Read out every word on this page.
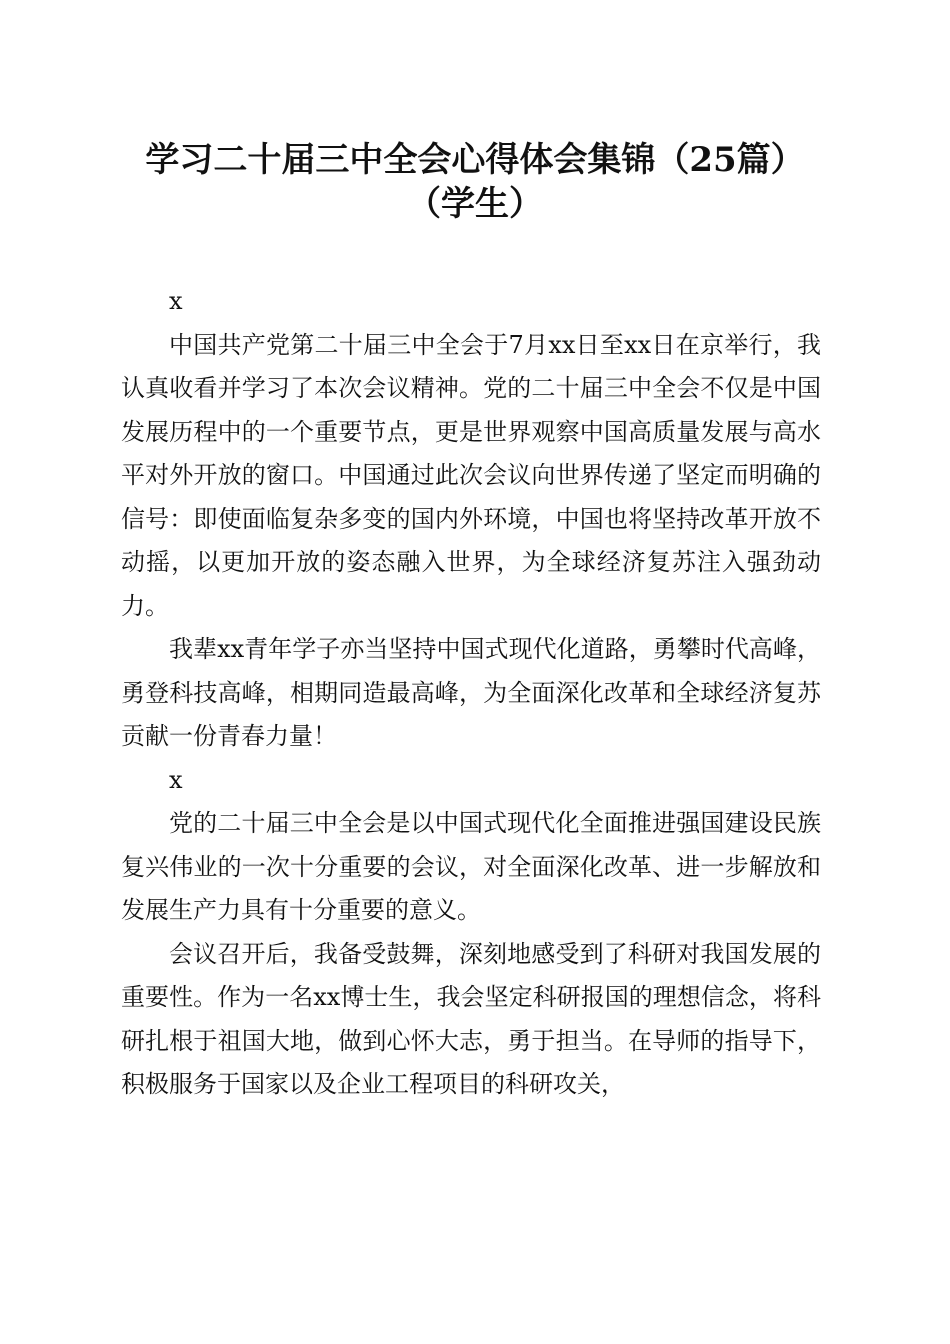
学习二十届三中全会心得体会集锦（25篇）
（学生）

x

中国共产党第二十届三中全会于7月xx日至xx日在京举行，我认真收看并学习了本次会议精神。党的二十届三中全会不仅是中国发展历程中的一个重要节点，更是世界观察中国高质量发展与高水平对外开放的窗口。中国通过此次会议向世界传递了坚定而明确的信号：即使面临复杂多变的国内外环境，中国也将坚持改革开放不动摇，以更加开放的姿态融入世界，为全球经济复苏注入强劲动力。

我辈xx青年学子亦当坚持中国式现代化道路，勇攀时代高峰，勇登科技高峰，相期同造最高峰，为全面深化改革和全球经济复苏贡献一份青春力量！

x

党的二十届三中全会是以中国式现代化全面推进强国建设民族复兴伟业的一次十分重要的会议，对全面深化改革、进一步解放和发展生产力具有十分重要的意义。

会议召开后，我备受鼓舞，深刻地感受到了科研对我国发展的重要性。作为一名xx博士生，我会坚定科研报国的理想信念，将科研扎根于祖国大地，做到心怀大志，勇于担当。在导师的指导下，积极服务于国家以及企业工程项目的科研攻关，
